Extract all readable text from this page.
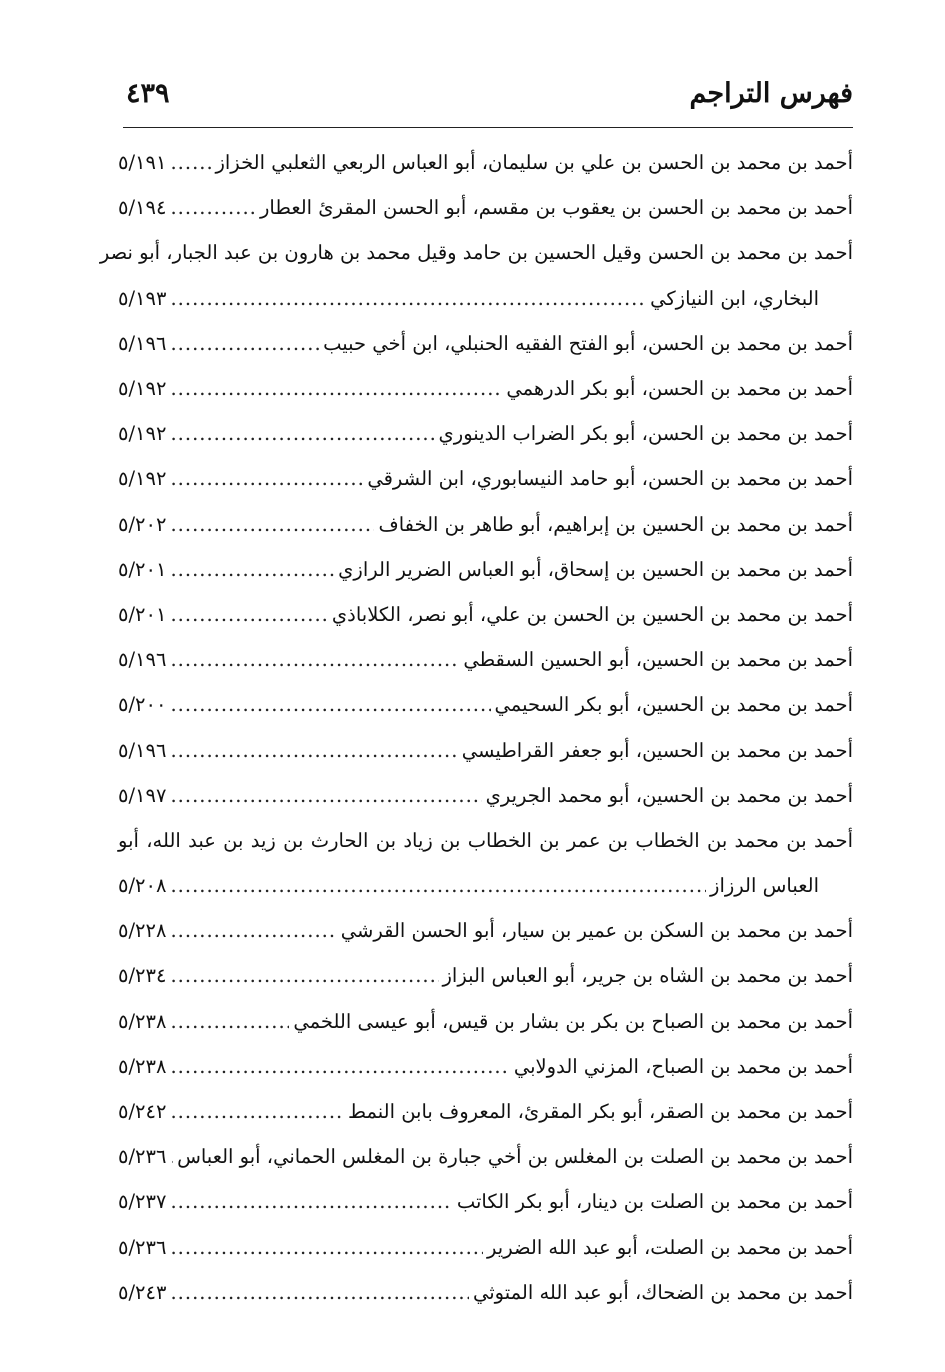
فهرس التراجم
٤٣٩
أحمد بن محمد بن الحسن بن علي بن سليمان، أبو العباس الربعي الثعلبي الخزاز
.....
٥/١٩١
أحمد بن محمد بن الحسن بن يعقوب بن مقسم، أبو الحسن المقرئ العطار
.....
٥/١٩٤
أحمد بن محمد بن الحسن وقيل الحسين بن حامد وقيل محمد بن هارون بن عبد الجبار، أبو نصر
البخاري، ابن النيازكي
.....
٥/١٩٣
أحمد بن محمد بن الحسن، أبو الفتح الفقيه الحنبلي، ابن أخي حبيب
.....
٥/١٩٦
أحمد بن محمد بن الحسن، أبو بكر الدرهمي
.....
٥/١٩٢
أحمد بن محمد بن الحسن، أبو بكر الضراب الدينوري
.....
٥/١٩٢
أحمد بن محمد بن الحسن، أبو حامد النيسابوري، ابن الشرقي
.....
٥/١٩٢
أحمد بن محمد بن الحسين بن إبراهيم، أبو طاهر بن الخفاف
.....
٥/٢٠٢
أحمد بن محمد بن الحسين بن إسحاق، أبو العباس الضرير الرازي
.....
٥/٢٠١
أحمد بن محمد بن الحسين بن الحسن بن علي، أبو نصر، الكلاباذي
.....
٥/٢٠١
أحمد بن محمد بن الحسين، أبو الحسين السقطي
.....
٥/١٩٦
أحمد بن محمد بن الحسين، أبو بكر السحيمي
.....
٥/٢٠٠
أحمد بن محمد بن الحسين، أبو جعفر القراطيسي
.....
٥/١٩٦
أحمد بن محمد بن الحسين، أبو محمد الجريري
.....
٥/١٩٧
أحمد بن محمد بن الخطاب بن عمر بن الخطاب بن زياد بن الحارث بن زيد بن عبد الله، أبو
العباس الرزاز
.....
٥/٢٠٨
أحمد بن محمد بن السكن بن عمير بن سيار، أبو الحسن القرشي
.....
٥/٢٢٨
أحمد بن محمد بن الشاه بن جرير، أبو العباس البزاز
.....
٥/٢٣٤
أحمد بن محمد بن الصباح بن بكر بن بشار بن قيس، أبو عيسى اللخمي
.....
٥/٢٣٨
أحمد بن محمد بن الصباح، المزني الدولابي
.....
٥/٢٣٨
أحمد بن محمد بن الصقر، أبو بكر المقرئ، المعروف بابن النمط
.....
٥/٢٤٢
أحمد بن محمد بن الصلت بن المغلس بن أخي جبارة بن المغلس الحماني، أبو العباس
.....
٥/٢٣٦
أحمد بن محمد بن الصلت بن دينار، أبو بكر الكاتب
.....
٥/٢٣٧
أحمد بن محمد بن الصلت، أبو عبد الله الضرير
.....
٥/٢٣٦
أحمد بن محمد بن الضحاك، أبو عبد الله المتوثي
.....
٥/٢٤٣
